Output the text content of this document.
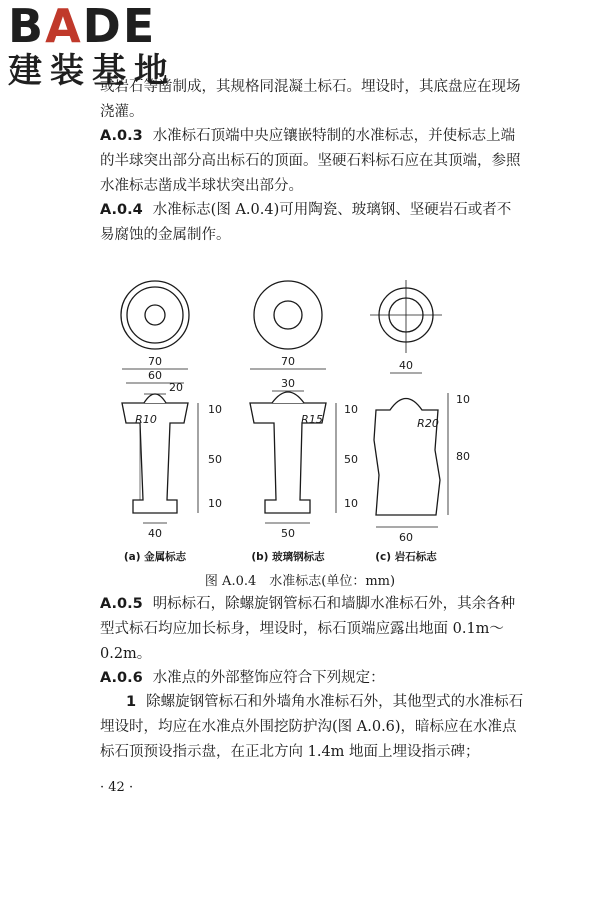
BADE
建装基地
或岩石等凿制成，其规格同混凝土标石。埋设时，其底盘应在现场浇灌。
A.0.3 水准标石顶端中央应镶嵌特制的水准标志，并使标志上端的半球突出部分高出标石的顶面。坚硬石料标石应在其顶端，参照水准标志凿成半球状突出部分。
A.0.4 水准标志(图 A.0.4)可用陶瓷、玻璃钢、坚硬岩石或者不易腐蚀的金属制作。
70
60
20
R10
10
50
10
40
70
30
R15
10
50
10
50
40
R20
10
80
60
(a) 金属标志	(b) 玻璃钢标志	(c) 岩石标志
图 A.0.4　水准标志(单位：mm)
A.0.5 明标标石，除螺旋钢管标石和墙脚水准标石外，其余各种型式标石均应加长标身，埋设时，标石顶端应露出地面 0.1m～0.2m。
A.0.6 水准点的外部整饰应符合下列规定：
1 除螺旋钢管标石和外墙角水准标石外，其他型式的水准标石埋设时，均应在水准点外围挖防护沟(图 A.0.6)，暗标应在水准点标石顶预设指示盘，在正北方向 1.4m 地面上埋设指示碑；
· 42 ·
